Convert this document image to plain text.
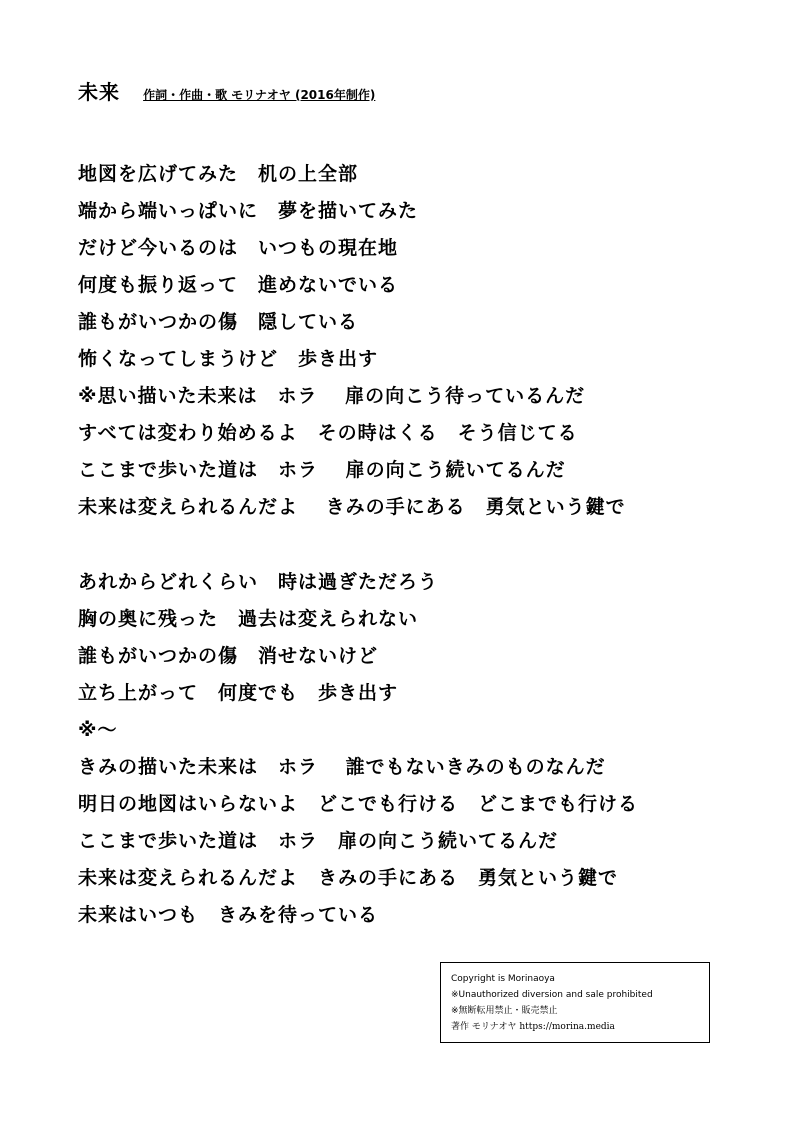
未来 作詞・作曲・歌 モリナオヤ (2016年制作)
地図を広げてみた　机の上全部
端から端いっぱいに　夢を描いてみた
だけど今いるのは　いつもの現在地
何度も振り返って　進めないでいる
誰もがいつかの傷　隠している
怖くなってしまうけど　歩き出す
※思い描いた未来は　ホラ　 扉の向こう待っているんだ
すべては変わり始めるよ　その時はくる　そう信じてる
ここまで歩いた道は　ホラ　 扉の向こう続いてるんだ
未来は変えられるんだよ　 きみの手にある　勇気という鍵で
あれからどれくらい　時は過ぎただろう
胸の奥に残った　過去は変えられない
誰もがいつかの傷　消せないけど
立ち上がって　何度でも　歩き出す
※～
きみの描いた未来は　ホラ　 誰でもないきみのものなんだ
明日の地図はいらないよ　どこでも行ける　どこまでも行ける
ここまで歩いた道は　ホラ　扉の向こう続いてるんだ
未来は変えられるんだよ　きみの手にある　勇気という鍵で
未来はいつも　きみを待っている
Copyright is Morinaoya
※Unauthorized diversion and sale prohibited
※無断転用禁止・販売禁止
著作 モリナオヤ https://morina.media
